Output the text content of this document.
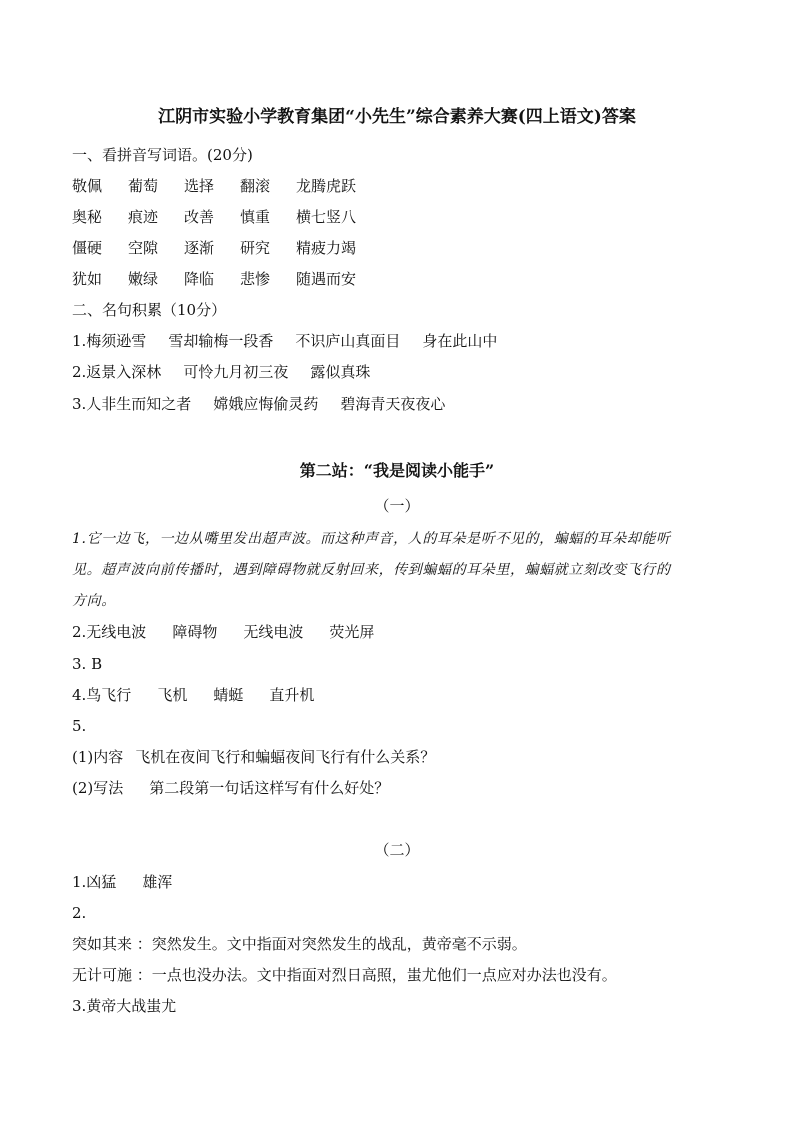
江阴市实验小学教育集团“小先生”综合素养大赛(四上语文)答案
一、看拼音写词语。(20分)
敬佩 葡萄 选择 翻滚 龙腾虎跃
奥秘 痕迹 改善 慎重 横七竖八
僵硬 空隙 逐渐 研究 精疲力竭
犹如 嫩绿 降临 悲惨 随遇而安
二、名句积累（10分）
1.梅须逊雪 雪却输梅一段香 不识庐山真面目 身在此山中
2.返景入深林 可怜九月初三夜 露似真珠
3.人非生而知之者 嫦娥应悔偷灵药 碧海青天夜夜心
第二站：“我是阅读小能手”
（一）
1.它一边飞，一边从嘴里发出超声波。而这种声音，人的耳朵是听不见的，蝙蝠的耳朵却能听
见。超声波向前传播时，遇到障碍物就反射回来，传到蝙蝠的耳朵里，蝙蝠就立刻改变飞行的
方向。
2.无线电波 障碍物 无线电波 荧光屏
3. B
4.鸟飞行 飞机 蜻蜓 直升机
5.
(1)内容 飞机在夜间飞行和蝙蝠夜间飞行有什么关系？
(2)写法 第二段第一句话这样写有什么好处？
（二）
1.凶猛 雄浑
2.
突如其来 ：突然发生。文中指面对突然发生的战乱，黄帝毫不示弱。
无计可施 ：一点也没办法。文中指面对烈日高照，蚩尤他们一点应对办法也没有。
3.黄帝大战蚩尤
